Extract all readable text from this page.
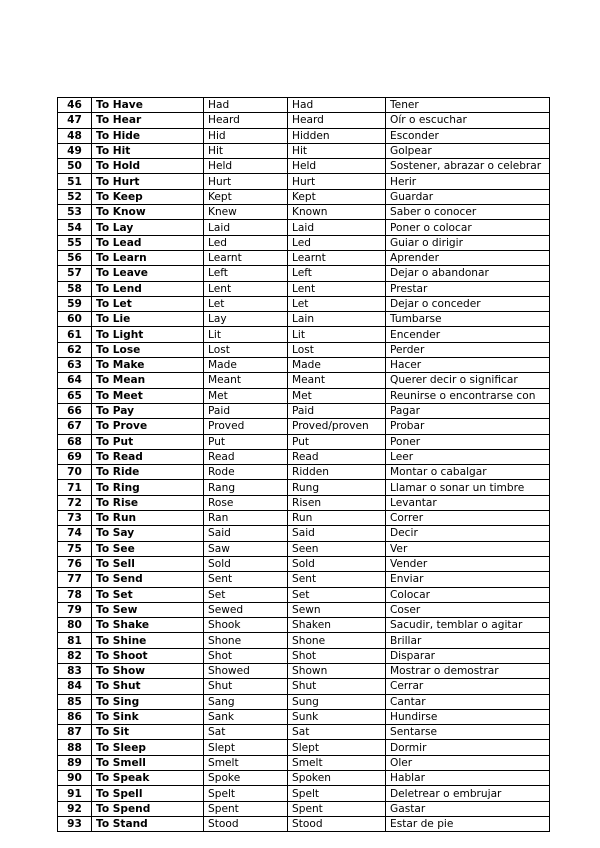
46	To Have	Had	Had	Tener
47	To Hear	Heard	Heard	Oír o escuchar
48	To Hide	Hid	Hidden	Esconder
49	To Hit	Hit	Hit	Golpear
50	To Hold	Held	Held	Sostener, abrazar o celebrar
51	To Hurt	Hurt	Hurt	Herir
52	To Keep	Kept	Kept	Guardar
53	To Know	Knew	Known	Saber o conocer
54	To Lay	Laid	Laid	Poner o colocar
55	To Lead	Led	Led	Guiar o dirigir
56	To Learn	Learnt	Learnt	Aprender
57	To Leave	Left	Left	Dejar o abandonar
58	To Lend	Lent	Lent	Prestar
59	To Let	Let	Let	Dejar o conceder
60	To Lie	Lay	Lain	Tumbarse
61	To Light	Lit	Lit	Encender
62	To Lose	Lost	Lost	Perder
63	To Make	Made	Made	Hacer
64	To Mean	Meant	Meant	Querer decir o significar
65	To Meet	Met	Met	Reunirse o encontrarse con
66	To Pay	Paid	Paid	Pagar
67	To Prove	Proved	Proved/proven	Probar
68	To Put	Put	Put	Poner
69	To Read	Read	Read	Leer
70	To Ride	Rode	Ridden	Montar o cabalgar
71	To Ring	Rang	Rung	Llamar o sonar un timbre
72	To Rise	Rose	Risen	Levantar
73	To Run	Ran	Run	Correr
74	To Say	Said	Said	Decir
75	To See	Saw	Seen	Ver
76	To Sell	Sold	Sold	Vender
77	To Send	Sent	Sent	Enviar
78	To Set	Set	Set	Colocar
79	To Sew	Sewed	Sewn	Coser
80	To Shake	Shook	Shaken	Sacudir, temblar o agitar
81	To Shine	Shone	Shone	Brillar
82	To Shoot	Shot	Shot	Disparar
83	To Show	Showed	Shown	Mostrar o demostrar
84	To Shut	Shut	Shut	Cerrar
85	To Sing	Sang	Sung	Cantar
86	To Sink	Sank	Sunk	Hundirse
87	To Sit	Sat	Sat	Sentarse
88	To Sleep	Slept	Slept	Dormir
89	To Smell	Smelt	Smelt	Oler
90	To Speak	Spoke	Spoken	Hablar
91	To Spell	Spelt	Spelt	Deletrear o embrujar
92	To Spend	Spent	Spent	Gastar
93	To Stand	Stood	Stood	Estar de pie
